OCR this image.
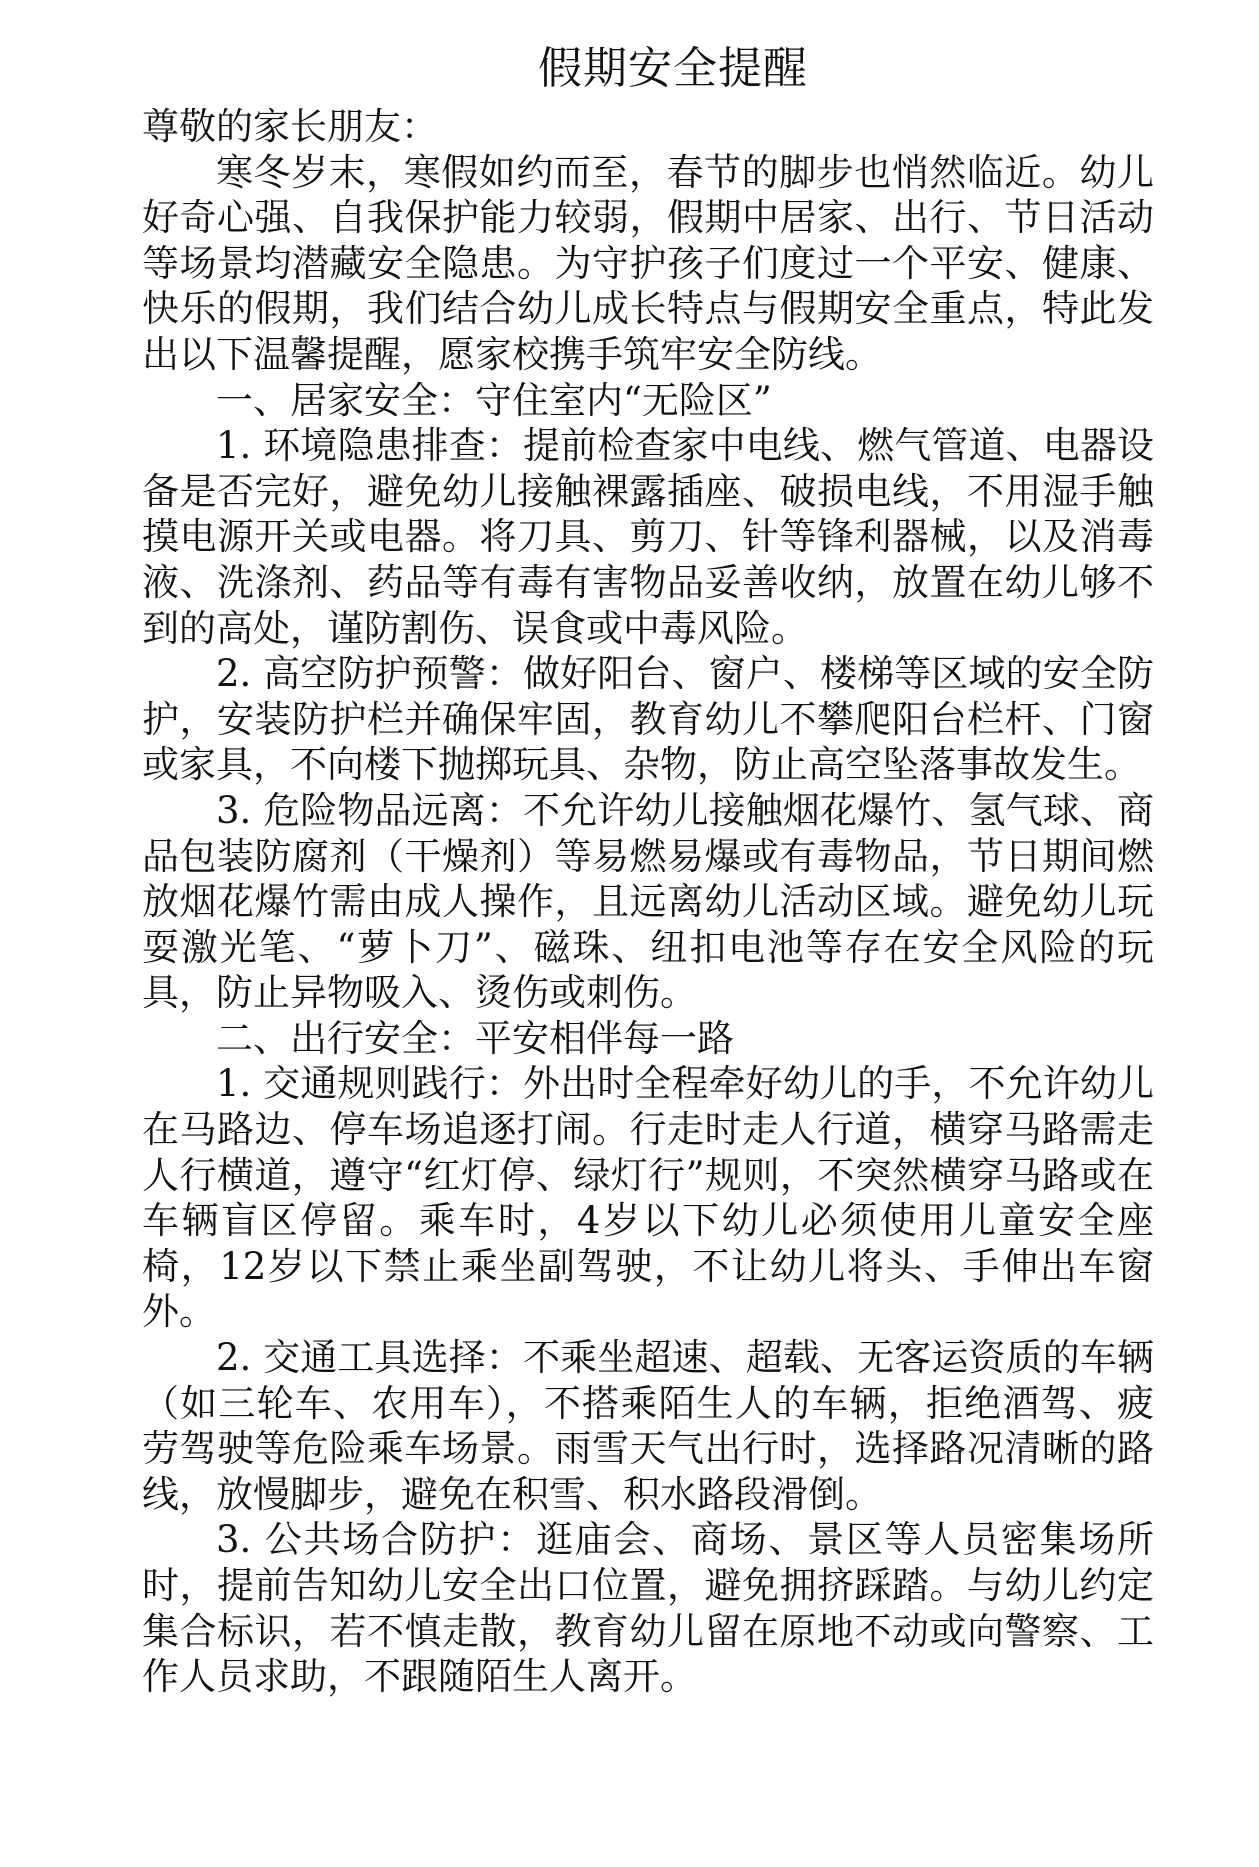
假期安全提醒

尊敬的家长朋友：

寒冬岁末，寒假如约而至，春节的脚步也悄然临近。幼儿好奇心强、自我保护能力较弱，假期中居家、出行、节日活动等场景均潜藏安全隐患。为守护孩子们度过一个平安、健康、快乐的假期，我们结合幼儿成长特点与假期安全重点，特此发出以下温馨提醒，愿家校携手筑牢安全防线。

一、居家安全：守住室内“无险区”

1. 环境隐患排查：提前检查家中电线、燃气管道、电器设备是否完好，避免幼儿接触裸露插座、破损电线，不用湿手触摸电源开关或电器。将刀具、剪刀、针等锋利器械，以及消毒液、洗涤剂、药品等有毒有害物品妥善收纳，放置在幼儿够不到的高处，谨防割伤、误食或中毒风险。

2. 高空防护预警：做好阳台、窗户、楼梯等区域的安全防护，安装防护栏并确保牢固，教育幼儿不攀爬阳台栏杆、门窗或家具，不向楼下抛掷玩具、杂物，防止高空坠落事故发生。

3. 危险物品远离：不允许幼儿接触烟花爆竹、氢气球、商品包装防腐剂（干燥剂）等易燃易爆或有毒物品，节日期间燃放烟花爆竹需由成人操作，且远离幼儿活动区域。避免幼儿玩耍激光笔、“萝卜刀”、磁珠、纽扣电池等存在安全风险的玩具，防止异物吸入、烫伤或刺伤。

二、出行安全：平安相伴每一路

1. 交通规则践行：外出时全程牵好幼儿的手，不允许幼儿在马路边、停车场追逐打闹。行走时走人行道，横穿马路需走人行横道，遵守“红灯停、绿灯行”规则，不突然横穿马路或在车辆盲区停留。乘车时，4岁以下幼儿必须使用儿童安全座椅，12岁以下禁止乘坐副驾驶，不让幼儿将头、手伸出车窗外。

2. 交通工具选择：不乘坐超速、超载、无客运资质的车辆（如三轮车、农用车），不搭乘陌生人的车辆，拒绝酒驾、疲劳驾驶等危险乘车场景。雨雪天气出行时，选择路况清晰的路线，放慢脚步，避免在积雪、积水路段滑倒。

3. 公共场合防护：逛庙会、商场、景区等人员密集场所时，提前告知幼儿安全出口位置，避免拥挤踩踏。与幼儿约定集合标识，若不慎走散，教育幼儿留在原地不动或向警察、工作人员求助，不跟随陌生人离开。
